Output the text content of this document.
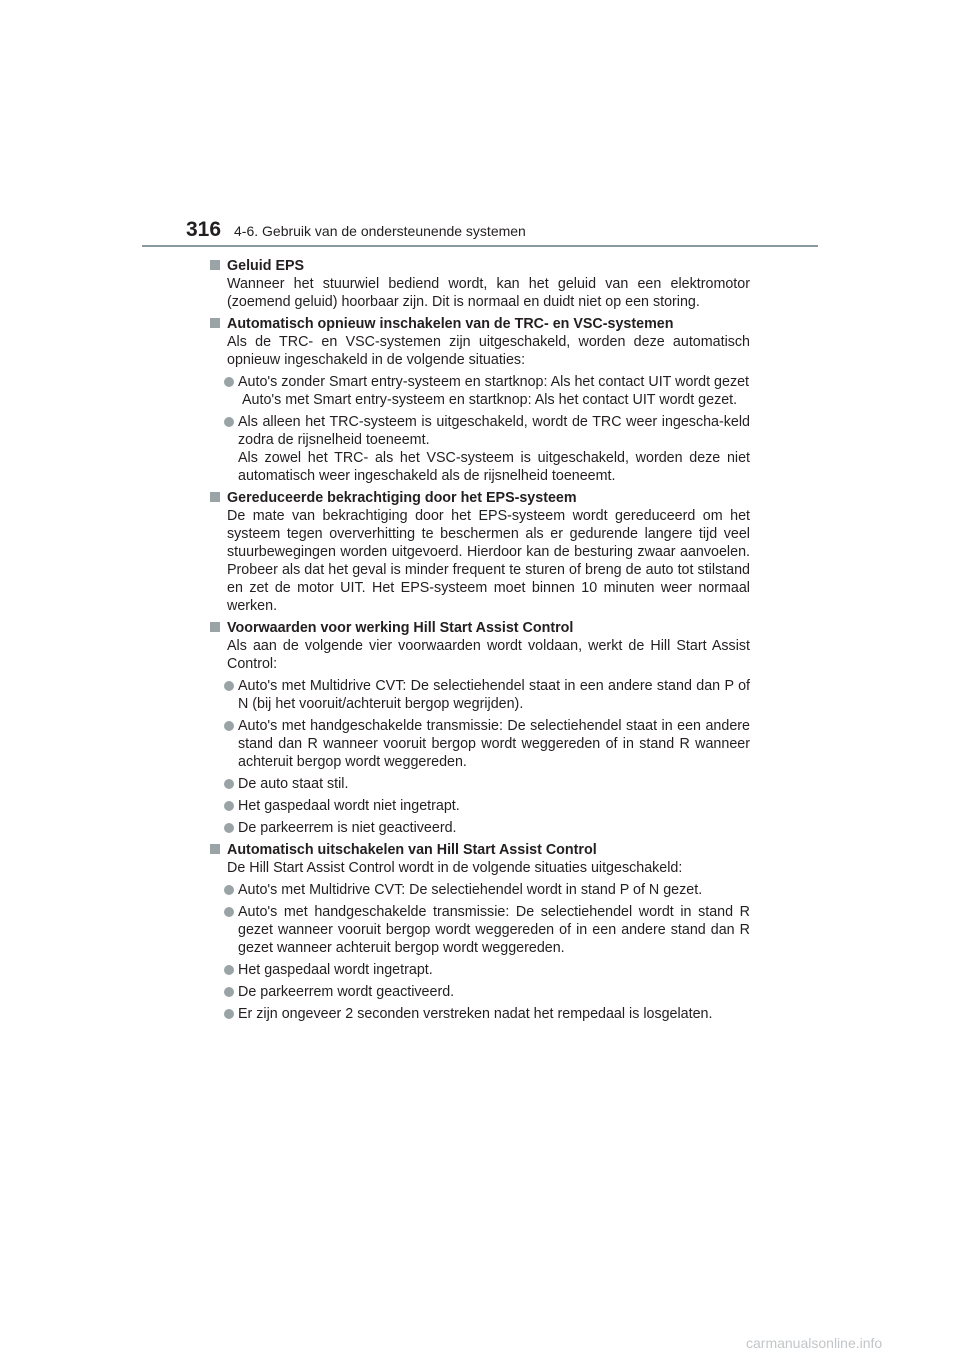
316 4-6. Gebruik van de ondersteunende systemen
Geluid EPS
Wanneer het stuurwiel bediend wordt, kan het geluid van een elektromotor (zoemend geluid) hoorbaar zijn. Dit is normaal en duidt niet op een storing.
Automatisch opnieuw inschakelen van de TRC- en VSC-systemen
Als de TRC- en VSC-systemen zijn uitgeschakeld, worden deze automatisch opnieuw ingeschakeld in de volgende situaties:
Auto's zonder Smart entry-systeem en startknop: Als het contact UIT wordt gezet
Auto's met Smart entry-systeem en startknop: Als het contact UIT wordt gezet.
Als alleen het TRC-systeem is uitgeschakeld, wordt de TRC weer ingescha-keld zodra de rijsnelheid toeneemt.
Als zowel het TRC- als het VSC-systeem is uitgeschakeld, worden deze niet automatisch weer ingeschakeld als de rijsnelheid toeneemt.
Gereduceerde bekrachtiging door het EPS-systeem
De mate van bekrachtiging door het EPS-systeem wordt gereduceerd om het systeem tegen oververhitting te beschermen als er gedurende langere tijd veel stuurbewegingen worden uitgevoerd. Hierdoor kan de besturing zwaar aanvoelen. Probeer als dat het geval is minder frequent te sturen of breng de auto tot stilstand en zet de motor UIT. Het EPS-systeem moet binnen 10 minuten weer normaal werken.
Voorwaarden voor werking Hill Start Assist Control
Als aan de volgende vier voorwaarden wordt voldaan, werkt de Hill Start Assist Control:
Auto's met Multidrive CVT: De selectiehendel staat in een andere stand dan P of N (bij het vooruit/achteruit bergop wegrijden).
Auto's met handgeschakelde transmissie: De selectiehendel staat in een andere stand dan R wanneer vooruit bergop wordt weggereden of in stand R wanneer achteruit bergop wordt weggereden.
De auto staat stil.
Het gaspedaal wordt niet ingetrapt.
De parkeerrem is niet geactiveerd.
Automatisch uitschakelen van Hill Start Assist Control
De Hill Start Assist Control wordt in de volgende situaties uitgeschakeld:
Auto's met Multidrive CVT: De selectiehendel wordt in stand P of N gezet.
Auto's met handgeschakelde transmissie: De selectiehendel wordt in stand R gezet wanneer vooruit bergop wordt weggereden of in een andere stand dan R gezet wanneer achteruit bergop wordt weggereden.
Het gaspedaal wordt ingetrapt.
De parkeerrem wordt geactiveerd.
Er zijn ongeveer 2 seconden verstreken nadat het rempedaal is losgelaten.
carmanualsonline.info
